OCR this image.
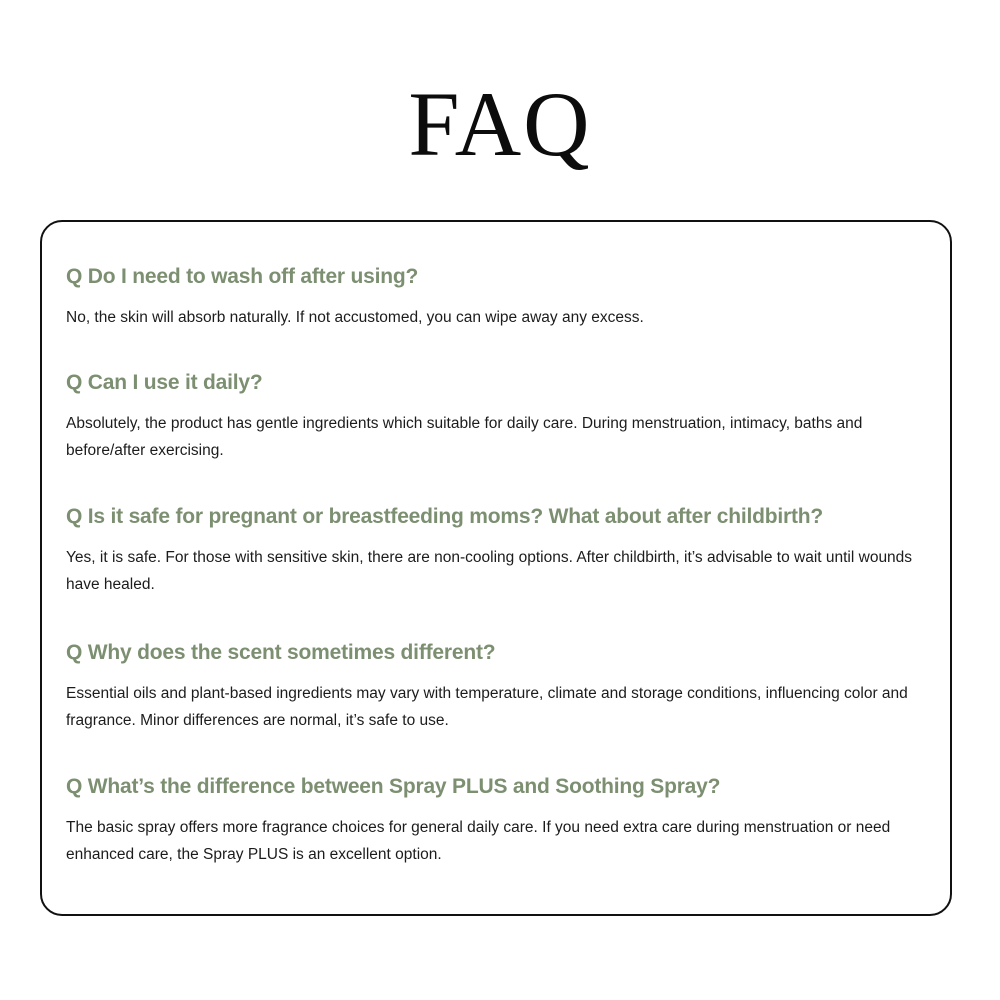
FAQ
Q Do I need to wash off after using?

No, the skin will absorb naturally. If not accustomed, you can wipe away any excess.

Q Can I use it daily?

Absolutely, the product has gentle ingredients which suitable for daily care. During menstruation, intimacy, baths and before/after exercising.

Q Is it safe for pregnant or breastfeeding moms? What about after childbirth?

Yes, it is safe. For those with sensitive skin, there are non-cooling options. After childbirth, it’s advisable to wait until wounds have healed.

Q Why does the scent sometimes different?

Essential oils and plant-based ingredients may vary with temperature, climate and storage conditions, influencing color and fragrance. Minor differences are normal, it’s safe to use.

Q What’s the difference between Spray PLUS and Soothing Spray?

The basic spray offers more fragrance choices for general daily care. If you need extra care during menstruation or need enhanced care, the Spray PLUS is an excellent option.
